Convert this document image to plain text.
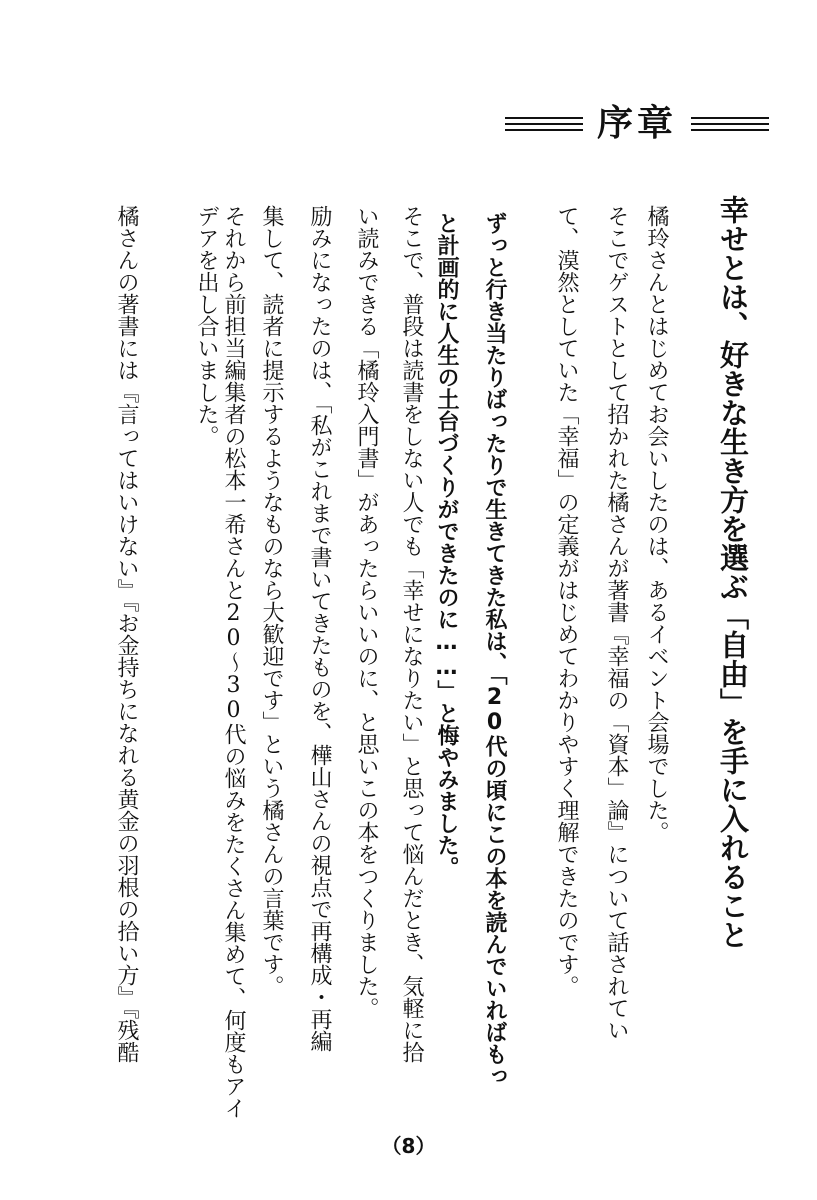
序章
幸せとは、好きな生き方を選ぶ「自由」を手に入れること
橘玲さんとはじめてお会いしたのは、あるイベント会場でした。
そこでゲストとして招かれた橘さんが著書『幸福の「資本」論』について話されてい
て、漠然としていた「幸福」の定義がはじめてわかりやすく理解できたのです。
ずっと行き当たりばったりで生きてきた私は、「20代の頃にこの本を読んでいればもっ
と計画的に人生の土台づくりができたのに……」と悔やみました。
そこで、普段は読書をしない人でも「幸せになりたい」と思って悩んだとき、気軽に拾
い読みできる「橘玲入門書」があったらいいのに、と思いこの本をつくりました。
励みになったのは、「私がこれまで書いてきたものを、樺山さんの視点で再構成・再編
集して、読者に提示するようなものなら大歓迎です」という橘さんの言葉です。
それから前担当編集者の松本一希さんと20〜30代の悩みをたくさん集めて、何度もアイ
デアを出し合いました。
橘さんの著書には『言ってはいけない』『お金持ちになれる黄金の羽根の拾い方』『残酷
（8）
